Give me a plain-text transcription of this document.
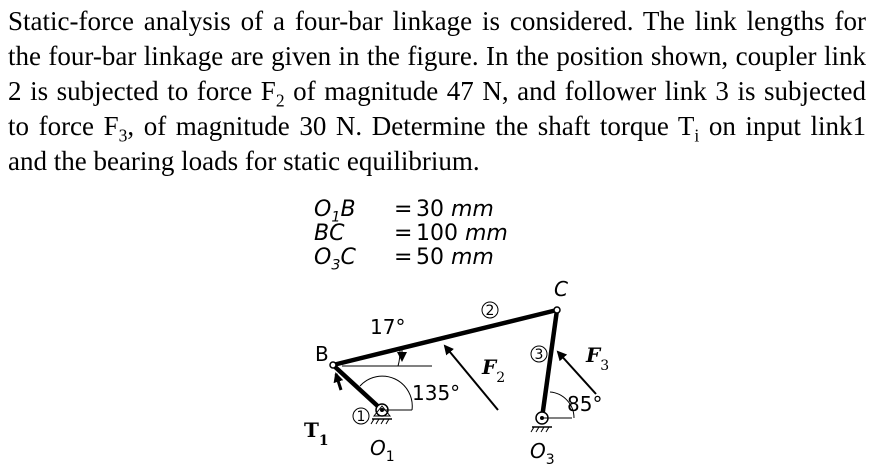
Static-force analysis of a four-bar linkage is considered. The link lengths for the four-bar linkage are given in the figure. In the position shown, coupler link 2 is subjected to force $F_2$ of magnitude 47 N, and follower link 3 is subjected to force $F_3$, of magnitude 30 N. Determine the shaft torque $T_i$ on input link1 and the bearing loads for static equilibrium.

$O_1B = 30$ mm
BC = 100 mm
$O_3C = 50$ mm
2
3
1
B
C
17°
135°	85°
$T_1$ $O_1$	$O_3$
$F_2$
$F_3$
